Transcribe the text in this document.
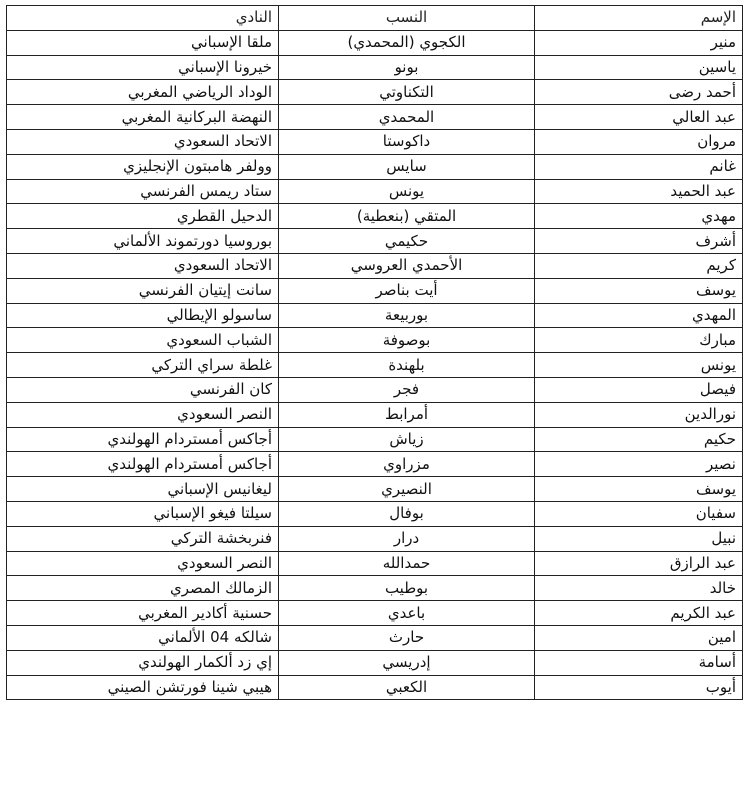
الإسم	النسب	النادي
منير	الكجوي (المحمدي)	ملقا الإسباني
ياسين	بونو	خيرونا الإسباني
أحمد رضى	التكناوتي	الوداد الرياضي المغربي
عبد العالي	المحمدي	النهضة البركانية المغربي
مروان	داكوستا	الاتحاد السعودي
غانم	سايس	وولفر هامبتون الإنجليزي
عبد الحميد	يونس	ستاد ريمس الفرنسي
مهدي	المتقي (بنعطية)	الدحيل القطري
أشرف	حكيمي	بوروسيا دورتموند الألماني
كريم	الأحمدي العروسي	الاتحاد السعودي
يوسف	أيت بناصر	سانت إيتيان الفرنسي
المهدي	بوربيعة	ساسولو الإيطالي
مبارك	بوصوفة	الشباب السعودي
يونس	بلهندة	غلطة سراي التركي
فيصل	فجر	كان الفرنسي
نورالدين	أمرابط	النصر السعودي
حكيم	زياش	أجاكس أمستردام الهولندي
نصير	مزراوي	أجاكس أمستردام الهولندي
يوسف	النصيري	ليغانيس الإسباني
سفيان	بوفال	سيلتا فيغو الإسباني
نبيل	درار	فنربخشة التركي
عبد الرازق	حمدالله	النصر السعودي
خالد	بوطيب	الزمالك المصري
عبد الكريم	باعدي	حسنية أكادير المغربي
امين	حارث	شالكه 04 الألماني
أسامة	إدريسي	إي زد ألكمار الهولندي
أيوب	الكعبي	هيبي شينا فورتشن الصيني
